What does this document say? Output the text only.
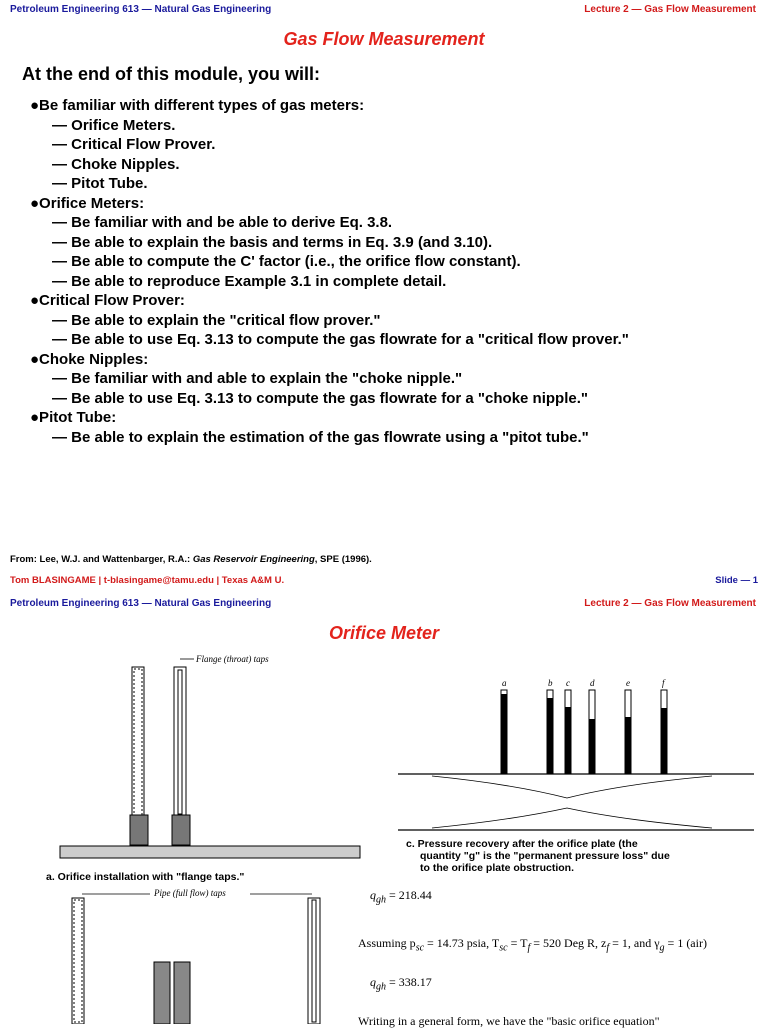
Petroleum Engineering 613 — Natural Gas Engineering	Lecture 2 — Gas Flow Measurement
Gas Flow Measurement
At the end of this module, you will:
●Be familiar with different types of gas meters:
— Orifice Meters.
— Critical Flow Prover.
— Choke Nipples.
— Pitot Tube.
●Orifice Meters:
— Be familiar with and be able to derive Eq. 3.8.
— Be able to explain the basis and terms in Eq. 3.9 (and 3.10).
— Be able to compute the C' factor (i.e., the orifice flow constant).
— Be able to reproduce Example 3.1 in complete detail.
●Critical Flow Prover:
— Be able to explain the "critical flow prover."
— Be able to use Eq. 3.13 to compute the gas flowrate for a "critical flow prover."
●Choke Nipples:
— Be familiar with and able to explain the "choke nipple."
— Be able to use Eq. 3.13 to compute the gas flowrate for a "choke nipple."
●Pitot Tube:
— Be able to explain the estimation of the gas flowrate using a "pitot tube."
From: Lee, W.J. and Wattenbarger, R.A.: Gas Reservoir Engineering, SPE (1996).
Tom BLASINGAME | t-blasingame@tamu.edu | Texas A&M U.	Slide — 1
Petroleum Engineering 613 — Natural Gas Engineering	Lecture 2 — Gas Flow Measurement
Orifice Meter
Flange (throat) taps
a. Orifice installation with "flange taps."
Pipe (full flow) taps
a	b c d	e	f
c. Pressure recovery after the orifice plate (the
quantity "g" is the "permanent pressure loss" due
to the orifice plate obstruction.
$q_{gh} = 218.44$
Assuming $p_{sc} = 14.73$ psia, $T_{sc} = T_f = 520$ Deg R, $z_f = 1$, and $\gamma_g = 1$ (air)
$q_{gh} = 338.17$
Writing in a general form, we have the "basic orifice equation"
